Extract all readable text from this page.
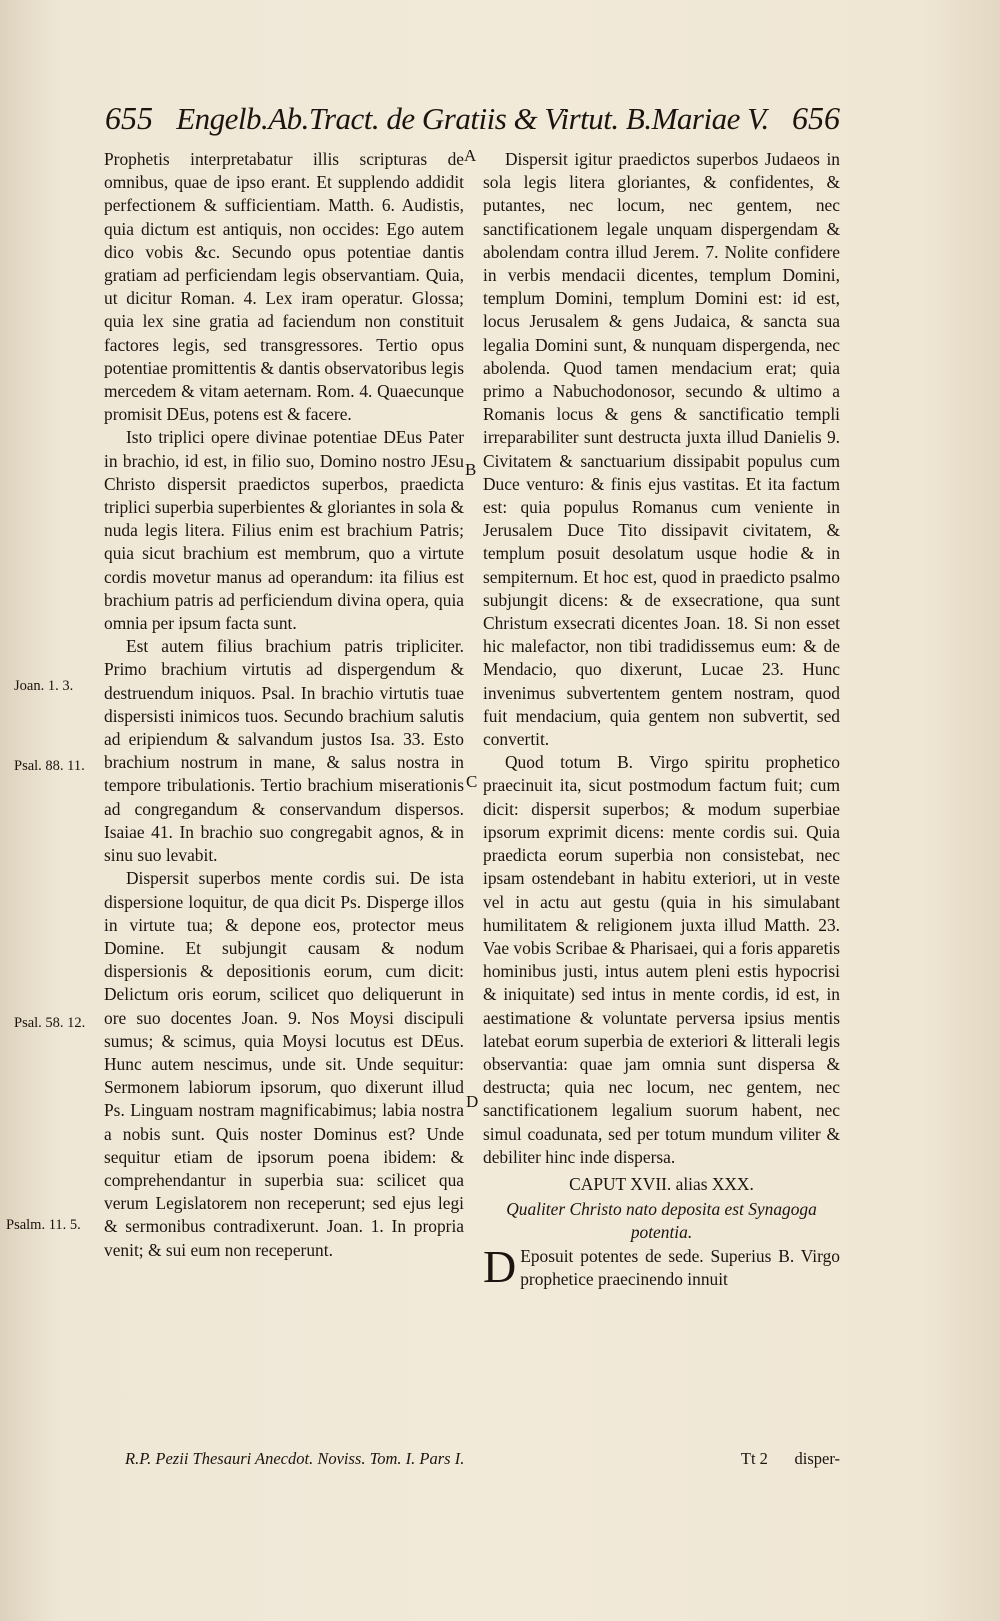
655 Engelb.Ab.Tract. de Gratiis & Virtut. B.Mariae V. 656

Prophetis interpretabatur illis scripturas de omnibus, quae de ipso erant. Et supplendo addidit perfectionem & sufficientiam. Matth. 6. Audistis, quia dictum est antiquis, non occides: Ego autem dico vobis &c. Secundo opus potentiae dantis gratiam ad perficiendam legis observantiam. Quia, ut dicitur Roman. 4. Lex iram operatur. Glossa; quia lex sine gratia ad faciendum non constituit factores legis, sed transgressores. Tertio opus potentiae promittentis & dantis observatoribus legis mercedem & vitam aeternam. Rom. 4. Quaecunque promisit DEus, potens est & facere.

Isto triplici opere divinae potentiae DEus Pater in brachio, id est, in filio suo, Domino nostro JEsu Christo dispersit praedictos superbos, praedicta triplici superbia superbientes & gloriantes in sola & nuda legis litera. Filius enim est brachium Patris; quia sicut brachium est membrum, quo a virtute cordis movetur manus ad operandum: ita filius est brachium patris ad perficiendum divina opera, quia omnia per ipsum facta sunt.

Est autem filius brachium patris tripliciter. Primo brachium virtutis ad dispergendum & destruendum iniquos. Psal. In brachio virtutis tuae dispersisti inimicos tuos. Secundo brachium salutis ad eripiendum & salvandum justos Isa. 33. Esto brachium nostrum in mane, & salus nostra in tempore tribulationis. Tertio brachium miserationis ad congregandum & conservandum dispersos. Isaiae 41. In brachio suo congregabit agnos, & in sinu suo levabit.

Dispersit superbos mente cordis sui. De ista dispersione loquitur, de qua dicit Ps. Disperge illos in virtute tua; & depone eos, protector meus Domine. Et subjungit causam & nodum dispersionis & depositionis eorum, cum dicit: Delictum oris eorum, scilicet quo deliquerunt in ore suo docentes Joan. 9. Nos Moysi discipuli sumus; & scimus, quia Moysi locutus est DEus. Hunc autem nescimus, unde sit. Unde sequitur: Sermonem labiorum ipsorum, quo dixerunt illud Ps. Linguam nostram magnificabimus; labia nostra a nobis sunt. Quis noster Dominus est? Unde sequitur etiam de ipsorum poena ibidem: & comprehendantur in superbia sua: scilicet qua verum Legislatorem non receperunt; sed ejus legi & sermonibus contradixerunt. Joan. 1. In propria venit; & sui eum non receperunt.

Dispersit igitur praedictos superbos Judaeos in sola legis litera gloriantes, & confidentes, & putantes, nec locum, nec gentem, nec sanctificationem legale unquam dispergendam & abolendam contra illud Jerem. 7. Nolite confidere in verbis mendacii dicentes, templum Domini, templum Domini, templum Domini est: id est, locus Jerusalem & gens Judaica, & sancta sua legalia Domini sunt, & nunquam dispergenda, nec abolenda. Quod tamen mendacium erat; quia primo a Nabuchodonosor, secundo & ultimo a Romanis locus & gens & sanctificatio templi irreparabiliter sunt destructa juxta illud Danielis 9. Civitatem & sanctuarium dissipabit populus cum Duce venturo: & finis ejus vastitas. Et ita factum est: quia populus Romanus cum veniente in Jerusalem Duce Tito dissipavit civitatem, & templum posuit desolatum usque hodie & in sempiternum. Et hoc est, quod in praedicto psalmo subjungit dicens: & de exsecratione, qua sunt Christum exsecrati dicentes Joan. 18. Si non esset hic malefactor, non tibi tradidissemus eum: & de Mendacio, quo dixerunt, Lucae 23. Hunc invenimus subvertentem gentem nostram, quod fuit mendacium, quia gentem non subvertit, sed convertit.

Quod totum B. Virgo spiritu prophetico praecinuit ita, sicut postmodum factum fuit; cum dicit: dispersit superbos; & modum superbiae ipsorum exprimit dicens: mente cordis sui. Quia praedicta eorum superbia non consistebat, nec ipsam ostendebant in habitu exteriori, ut in veste vel in actu aut gestu (quia in his simulabant humilitatem & religionem juxta illud Matth. 23. Vae vobis Scribae & Pharisaei, qui a foris apparetis hominibus justi, intus autem pleni estis hypocrisi & iniquitate) sed intus in mente cordis, id est, in aestimatione & voluntate perversa ipsius mentis latebat eorum superbia de exteriori & litterali legis observantia: quae jam omnia sunt dispersa & destructa; quia nec locum, nec gentem, nec sanctificationem legalium suorum habent, nec simul coadunata, sed per totum mundum viliter & debiliter hinc inde dispersa.

CAPUT XVII. alias XXX.

Qualiter Christo nato deposita est Synagoga potentia.

D Eposuit potentes de sede. Superius B. Virgo prophetice praecinendo innuit

Joan. 1. 3.
Psal. 88. 11.
Psal. 58. 12.
Psalm. 11. 5.
A
B
C
D
R.P. Pezii Thesauri Anecdot. Noviss. Tom. I. Pars I.	Tt 2 disper-
